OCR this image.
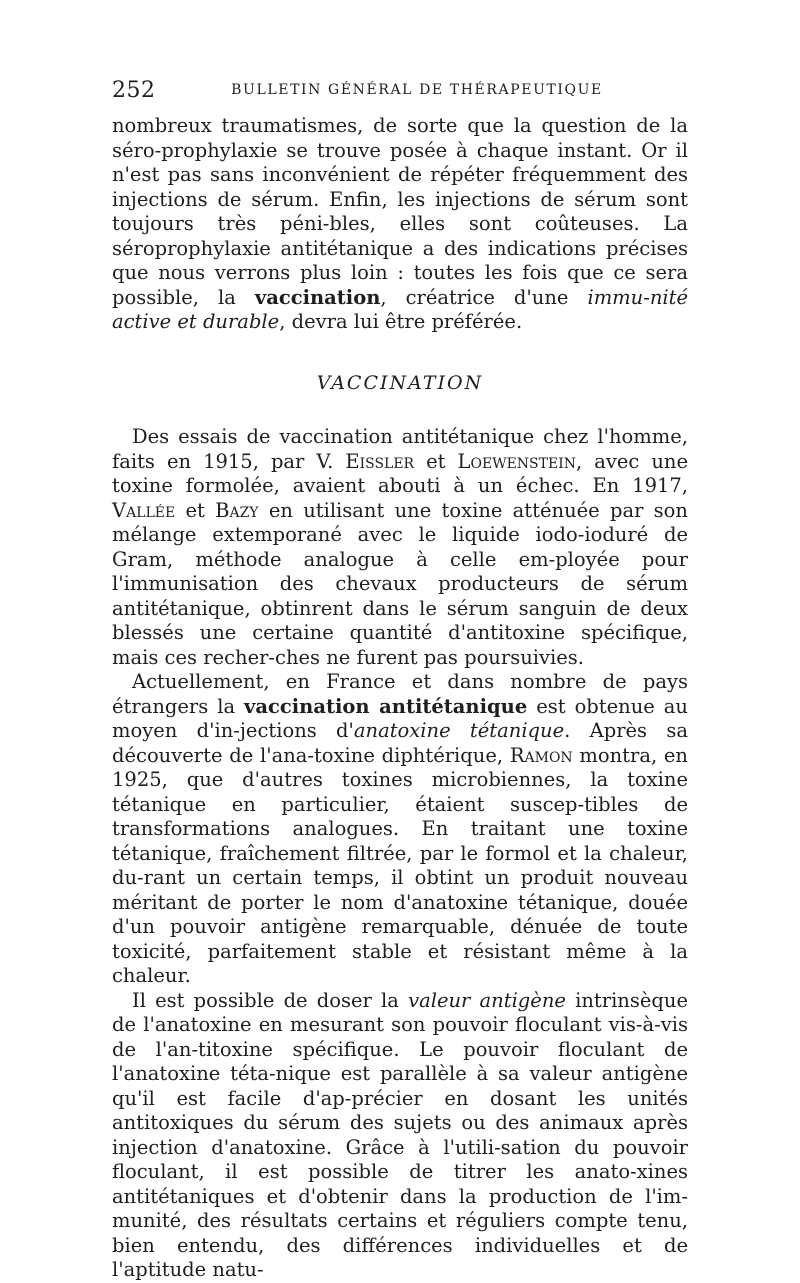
252	BULLETIN GÉNÉRAL DE THÉRAPEUTIQUE

nombreux traumatismes, de sorte que la question de la séro-prophylaxie se trouve posée à chaque instant. Or il n'est pas sans inconvénient de répéter fréquemment des injections de sérum. Enfin, les injections de sérum sont toujours très péni-bles, elles sont coûteuses. La séroprophylaxie antitétanique a des indications précises que nous verrons plus loin : toutes les fois que ce sera possible, la vaccination, créatrice d'une immu-nité active et durable, devra lui être préférée.

VACCINATION

Des essais de vaccination antitétanique chez l'homme, faits en 1915, par V. Eissler et Loewenstein, avec une toxine formolée, avaient abouti à un échec. En 1917, Vallée et Bazy en utilisant une toxine atténuée par son mélange extemporané avec le liquide iodo-ioduré de Gram, méthode analogue à celle em-ployée pour l'immunisation des chevaux producteurs de sérum antitétanique, obtinrent dans le sérum sanguin de deux blessés une certaine quantité d'antitoxine spécifique, mais ces recher-ches ne furent pas poursuivies.

Actuellement, en France et dans nombre de pays étrangers la vaccination antitétanique est obtenue au moyen d'in-jections d'anatoxine tétanique. Après sa découverte de l'ana-toxine diphtérique, Ramon montra, en 1925, que d'autres toxines microbiennes, la toxine tétanique en particulier, étaient suscep-tibles de transformations analogues. En traitant une toxine tétanique, fraîchement filtrée, par le formol et la chaleur, du-rant un certain temps, il obtint un produit nouveau méritant de porter le nom d'anatoxine tétanique, douée d'un pouvoir antigène remarquable, dénuée de toute toxicité, parfaitement stable et résistant même à la chaleur.

Il est possible de doser la valeur antigène intrinsèque de l'anatoxine en mesurant son pouvoir floculant vis-à-vis de l'an-titoxine spécifique. Le pouvoir floculant de l'anatoxine téta-nique est parallèle à sa valeur antigène qu'il est facile d'ap-précier en dosant les unités antitoxiques du sérum des sujets ou des animaux après injection d'anatoxine. Grâce à l'utili-sation du pouvoir floculant, il est possible de titrer les anato-xines antitétaniques et d'obtenir dans la production de l'im-munité, des résultats certains et réguliers compte tenu, bien entendu, des différences individuelles et de l'aptitude natu-
